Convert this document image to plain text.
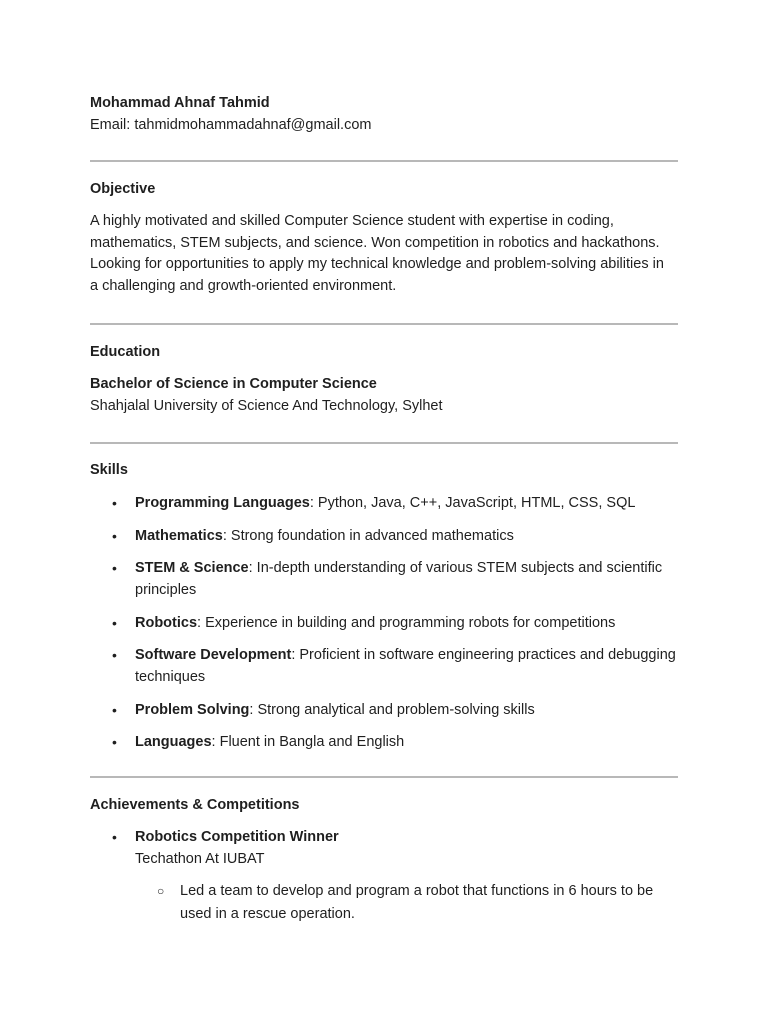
Mohammad Ahnaf Tahmid

Email: tahmidmohammadahnaf@gmail.com

Objective

A highly motivated and skilled Computer Science student with expertise in coding,

mathematics, STEM subjects, and science. Won competition in robotics and hackathons.

Looking for opportunities to apply my technical knowledge and problem-solving abilities in

a challenging and growth-oriented environment.

Education

Bachelor of Science in Computer Science

Shahjalal University of Science And Technology, Sylhet

Skills

• Programming Languages: Python, Java, C++, JavaScript, HTML, CSS, SQL
• Mathematics: Strong foundation in advanced mathematics
• STEM & Science: In-depth understanding of various STEM subjects and scientific
principles
• Robotics: Experience in building and programming robots for competitions
• Software Development: Proficient in software engineering practices and debugging
techniques
• Problem Solving: Strong analytical and problem-solving skills
• Languages: Fluent in Bangla and English

Achievements & Competitions

• Robotics Competition Winner
Techathon At IUBAT
○ Led a team to develop and program a robot that functions in 6 hours to be
used in a rescue operation.
